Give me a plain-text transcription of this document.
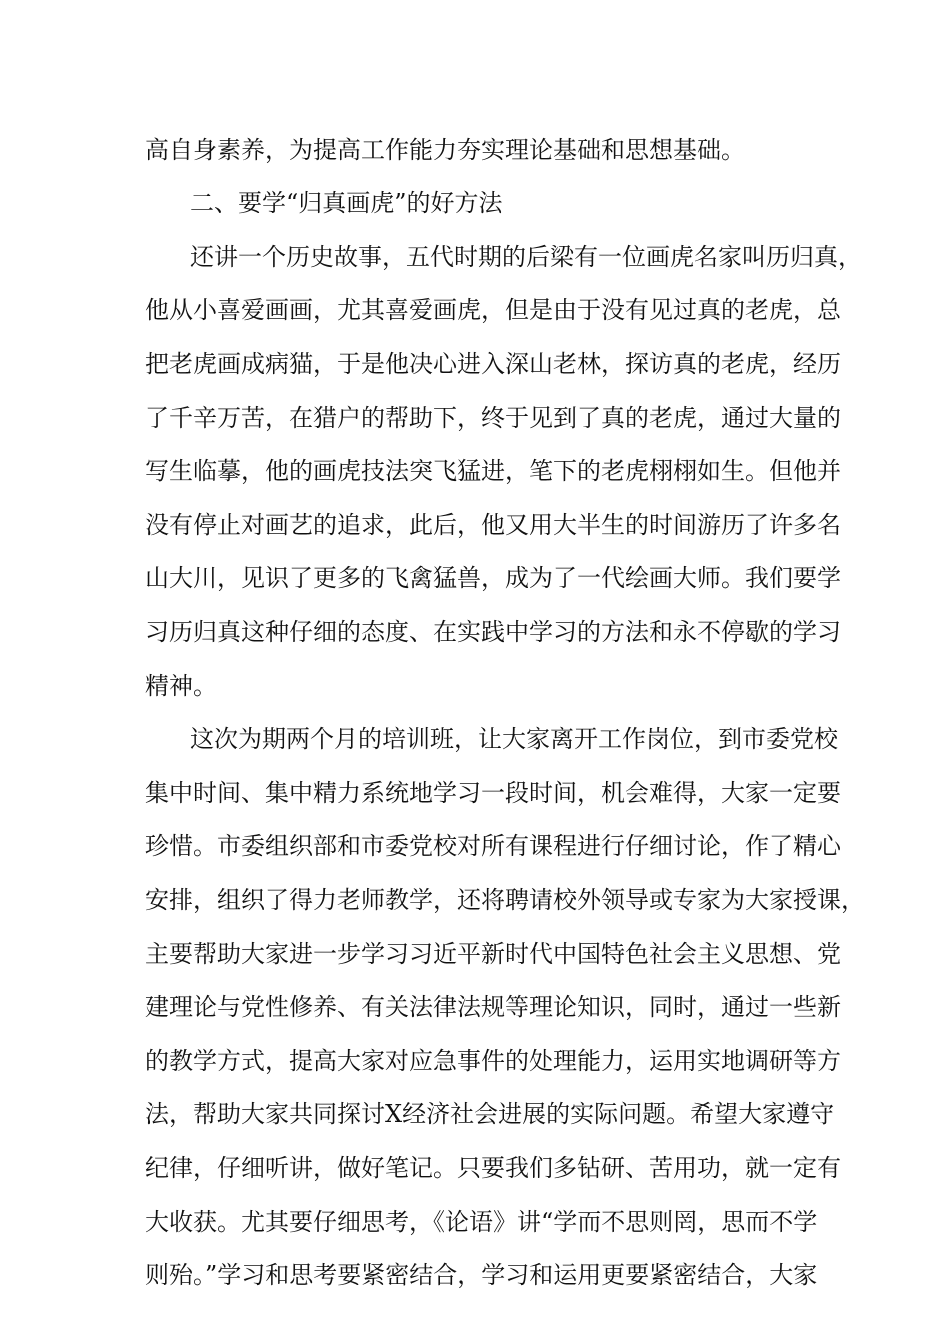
高自身素养，为提高工作能力夯实理论基础和思想基础。
二、要学“归真画虎”的好方法
还讲一个历史故事，五代时期的后梁有一位画虎名家叫历归真，
他从小喜爱画画，尤其喜爱画虎，但是由于没有见过真的老虎，总
把老虎画成病猫，于是他决心进入深山老林，探访真的老虎，经历
了千辛万苦，在猎户的帮助下，终于见到了真的老虎，通过大量的
写生临摹，他的画虎技法突飞猛进，笔下的老虎栩栩如生。但他并
没有停止对画艺的追求，此后，他又用大半生的时间游历了许多名
山大川，见识了更多的飞禽猛兽，成为了一代绘画大师。我们要学
习历归真这种仔细的态度、在实践中学习的方法和永不停歇的学习
精神。
这次为期两个月的培训班，让大家离开工作岗位，到市委党校
集中时间、集中精力系统地学习一段时间，机会难得，大家一定要
珍惜。市委组织部和市委党校对所有课程进行仔细讨论，作了精心
安排，组织了得力老师教学，还将聘请校外领导或专家为大家授课，
主要帮助大家进一步学习习近平新时代中国特色社会主义思想、党
建理论与党性修养、有关法律法规等理论知识，同时，通过一些新
的教学方式，提高大家对应急事件的处理能力，运用实地调研等方
法，帮助大家共同探讨X经济社会进展的实际问题。希望大家遵守
纪律，仔细听讲，做好笔记。只要我们多钻研、苦用功，就一定有
大收获。尤其要仔细思考，《论语》讲“学而不思则罔，思而不学
则殆。”学习和思考要紧密结合，学习和运用更要紧密结合，大家
